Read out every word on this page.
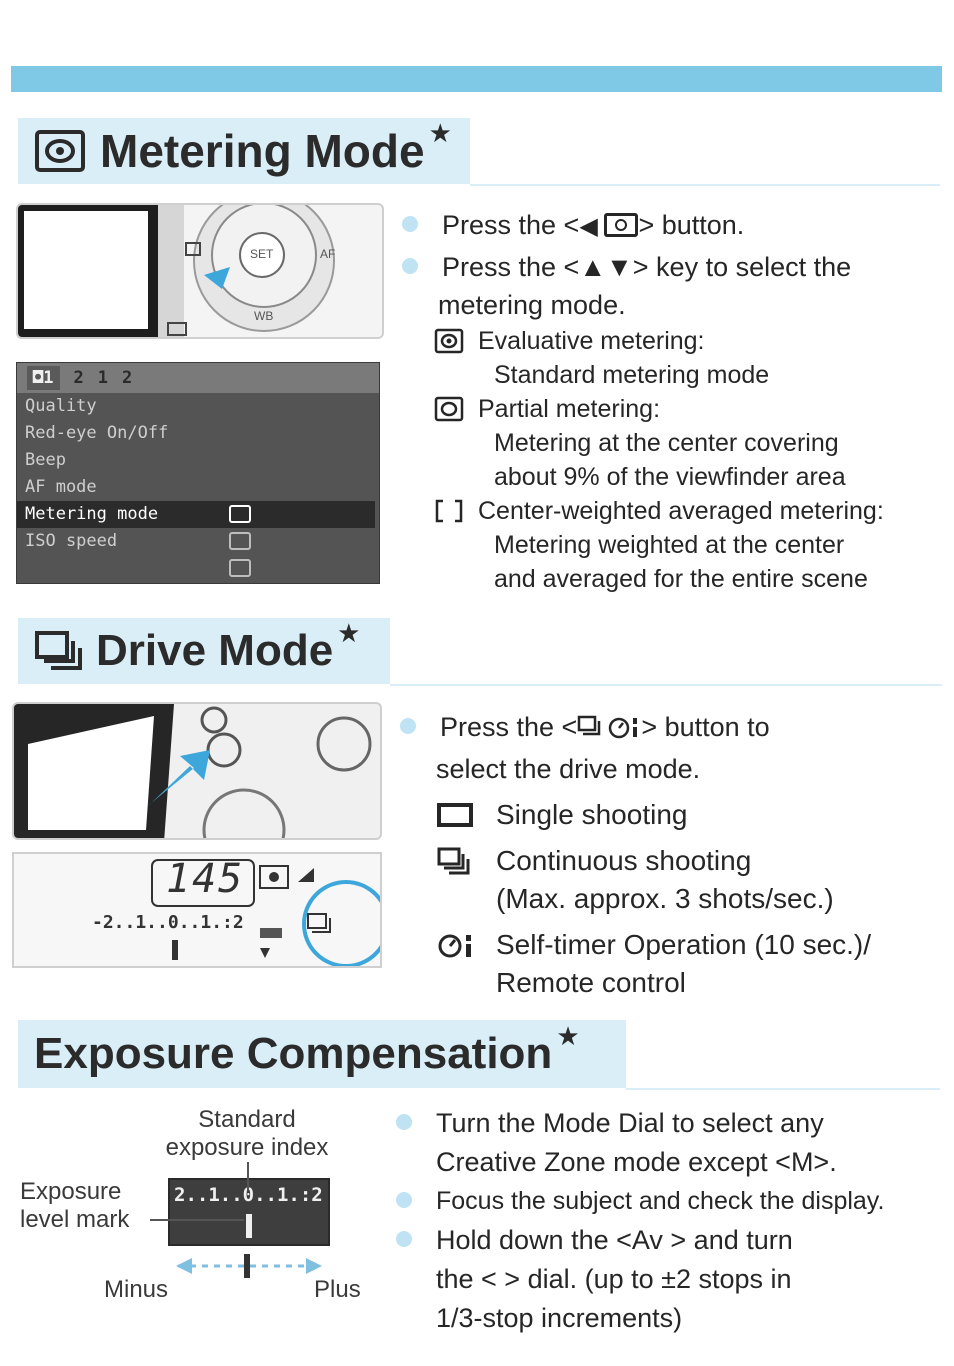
Metering Mode ★
SET	AF
WB
◘1	2 1 2
Quality
Red-eye On/Off
Beep
AF mode
Metering mode
ISO speed
Press the <◀
> button.
Press the <▲▼> key to select the
metering mode.
Evaluative metering:
Standard metering mode
Partial metering:
Metering at the center covering
about 9% of the viewfinder area
Center-weighted averaged metering:
Metering weighted at the center
and averaged for the entire scene
Drive Mode ★
145
-2..1..0..1.:2
Press the < > button to
select the drive mode.
Single shooting
Continuous shooting
(Max. approx. 3 shots/sec.)
Self-timer Operation (10 sec.)/
Remote control
Exposure Compensation ★
Standard
exposure index
Exposure
level mark
2..1..0..1.:2
Minus	Plus
Turn the Mode Dial to select any
Creative Zone mode except <M>.
Focus the subject and check the display.
Hold down the <Av > and turn
the < > dial. (up to ±2 stops in
1/3-stop increments)
